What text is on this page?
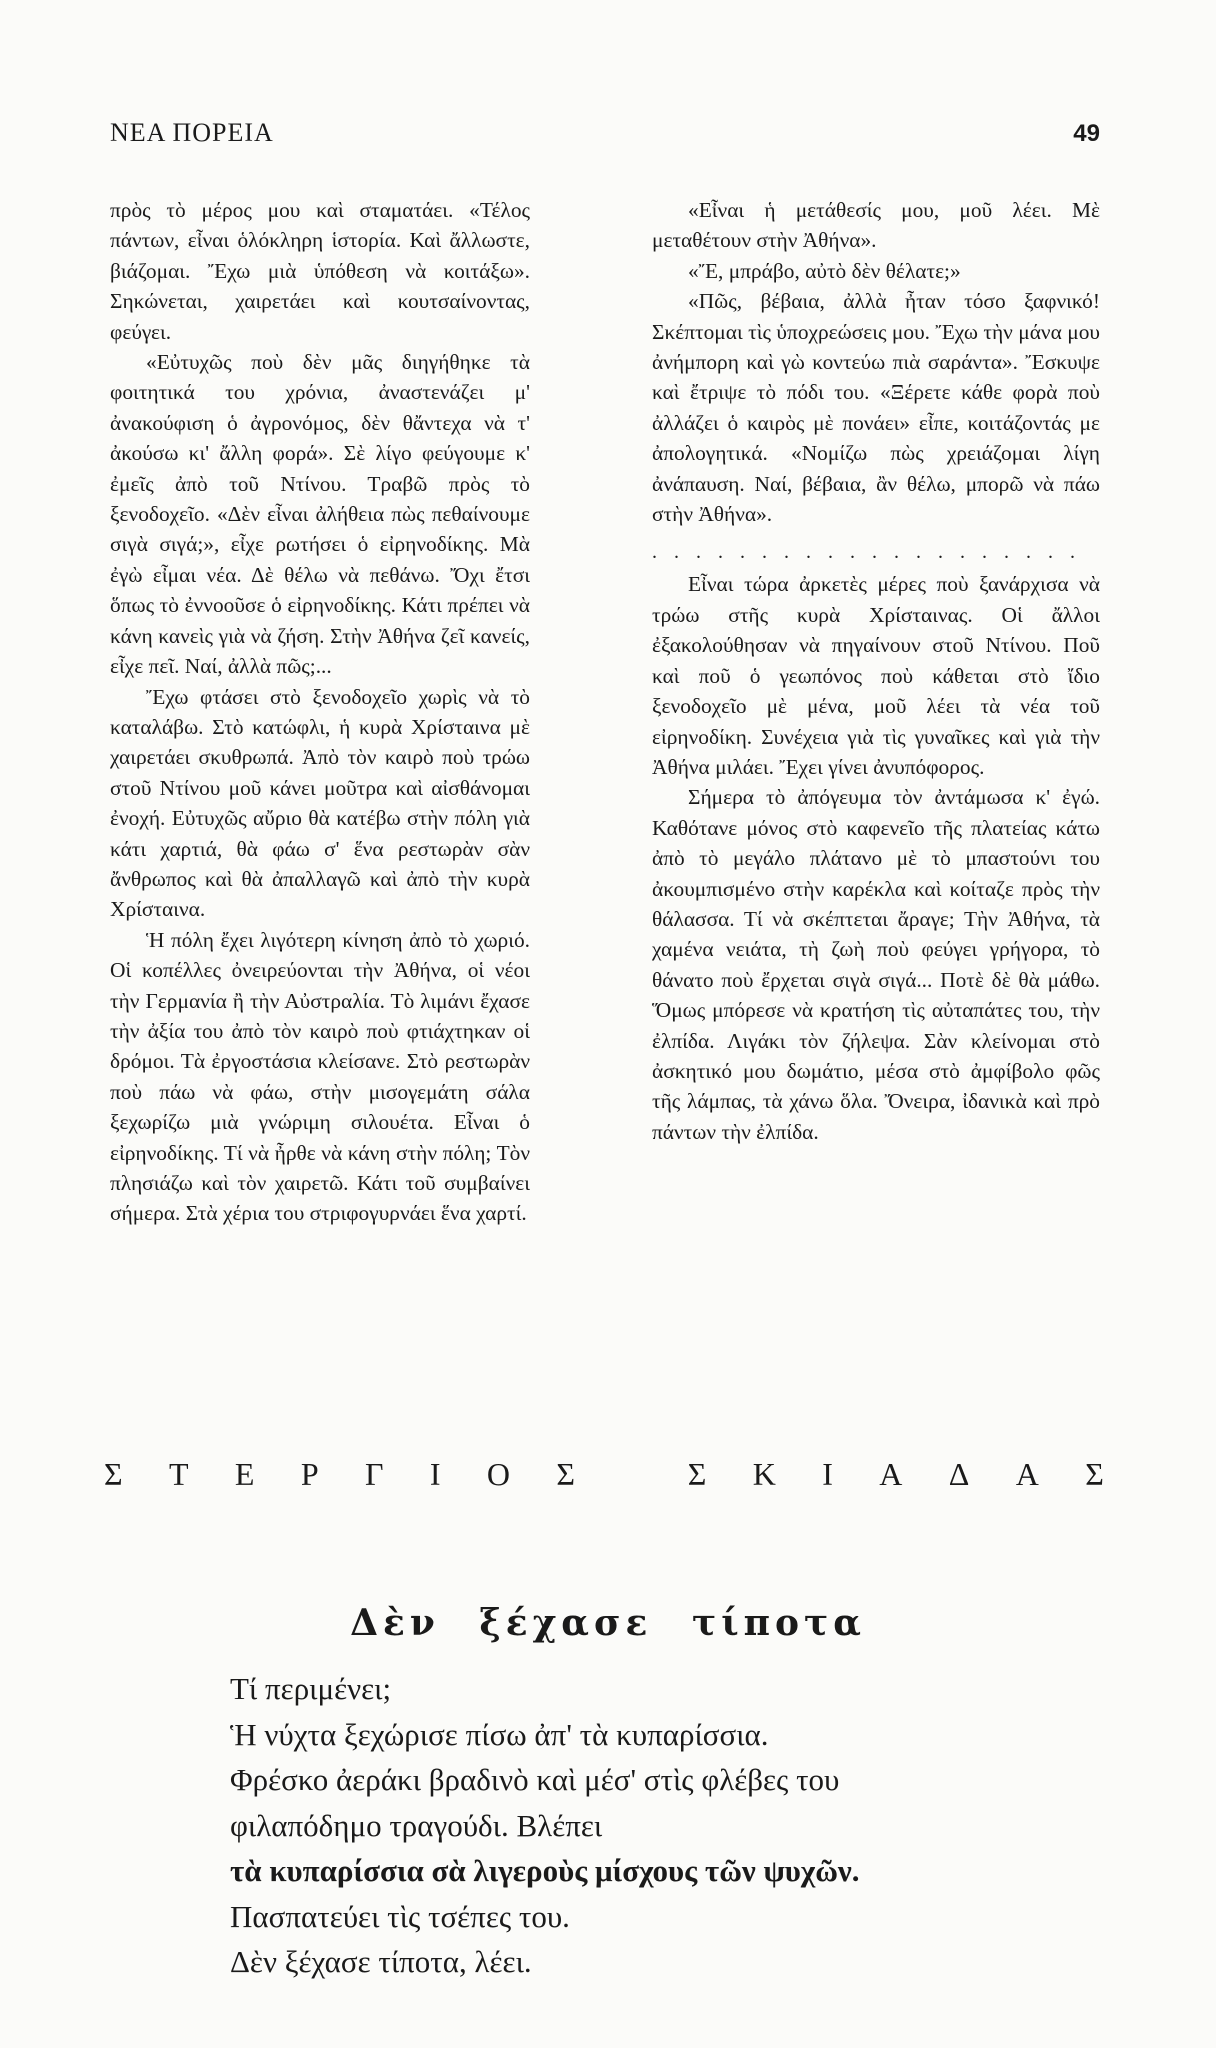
ΝΕΑ ΠΟΡΕΙΑ	49

πρὸς τὸ μέρος μου καὶ σταματάει. «Τέλος πάντων, εἶναι ὁλόκληρη ἱστορία. Καὶ ἄλλωστε, βιάζομαι. Ἔχω μιὰ ὑπόθεση νὰ κοιτάξω». Σηκώνεται, χαιρετάει καὶ κουτσαίνοντας, φεύγει.

«Εὐτυχῶς ποὺ δὲν μᾶς διηγήθηκε τὰ φοιτητικά του χρόνια, ἀναστενάζει μ' ἀνακούφιση ὁ ἀγρονόμος, δὲν θἄντεχα νὰ τ' ἀκούσω κι' ἄλλη φορά». Σὲ λίγο φεύγουμε κ' ἐμεῖς ἀπὸ τοῦ Ντίνου. Τραβῶ πρὸς τὸ ξενοδοχεῖο. «Δὲν εἶναι ἀλήθεια πὼς πεθαίνουμε σιγὰ σιγά;», εἶχε ρωτήσει ὁ εἰρηνοδίκης. Μὰ ἐγὼ εἶμαι νέα. Δὲ θέλω νὰ πεθάνω. Ὄχι ἔτσι ὅπως τὸ ἐννοοῦσε ὁ εἰρηνοδίκης. Κάτι πρέπει νὰ κάνη κανεὶς γιὰ νὰ ζήση. Στὴν Ἀθήνα ζεῖ κανείς, εἶχε πεῖ. Ναί, ἀλλὰ πῶς;...

Ἔχω φτάσει στὸ ξενοδοχεῖο χωρὶς νὰ τὸ καταλάβω. Στὸ κατώφλι, ἡ κυρὰ Χρίσταινα μὲ χαιρετάει σκυθρωπά. Ἀπὸ τὸν καιρὸ ποὺ τρώω στοῦ Ντίνου μοῦ κάνει μοῦτρα καὶ αἰσθάνομαι ἐνοχή. Εὐτυχῶς αὔριο θὰ κατέβω στὴν πόλη γιὰ κάτι χαρτιά, θὰ φάω σ' ἕνα ρεστωρὰν σὰν ἄνθρωπος καὶ θὰ ἀπαλλαγῶ καὶ ἀπὸ τὴν κυρὰ Χρίσταινα.

Ἡ πόλη ἔχει λιγότερη κίνηση ἀπὸ τὸ χωριό. Οἱ κοπέλλες ὀνειρεύονται τὴν Ἀθήνα, οἱ νέοι τὴν Γερμανία ἢ τὴν Αὐστραλία. Τὸ λιμάνι ἔχασε τὴν ἀξία του ἀπὸ τὸν καιρὸ ποὺ φτιάχτηκαν οἱ δρόμοι. Τὰ ἐργοστάσια κλείσανε. Στὸ ρεστωρὰν ποὺ πάω νὰ φάω, στὴν μισογεμάτη σάλα ξεχωρίζω μιὰ γνώριμη σιλουέτα. Εἶναι ὁ εἰρηνοδίκης. Τί νὰ ἦρθε νὰ κάνη στὴν πόλη; Τὸν πλησιάζω καὶ τὸν χαιρετῶ. Κάτι τοῦ συμβαίνει σήμερα. Στὰ χέρια του στριφογυρνάει ἕνα χαρτί.

«Εἶναι ἡ μετάθεσίς μου, μοῦ λέει. Μὲ μεταθέτουν στὴν Ἀθήνα».

«Ἔ, μπράβο, αὐτὸ δὲν θέλατε;»

«Πῶς, βέβαια, ἀλλὰ ἦταν τόσο ξαφνικό! Σκέπτομαι τὶς ὑποχρεώσεις μου. Ἔχω τὴν μάνα μου ἀνήμπορη καὶ γὼ κοντεύω πιὰ σαράντα». Ἔσκυψε καὶ ἔτριψε τὸ πόδι του. «Ξέρετε κάθε φορὰ ποὺ ἀλλάζει ὁ καιρὸς μὲ πονάει» εἶπε, κοιτάζοντάς με ἀπολογητικά. «Νομίζω πὼς χρειάζομαι λίγη ἀνάπαυση. Ναί, βέβαια, ἂν θέλω, μπορῶ νὰ πάω στὴν Ἀθήνα».

. . . . . . . . . . . . . . . . . . . .

Εἶναι τώρα ἀρκετὲς μέρες ποὺ ξανάρχισα νὰ τρώω στῆς κυρὰ Χρίσταινας. Οἱ ἄλλοι ἐξακολούθησαν νὰ πηγαίνουν στοῦ Ντίνου. Ποῦ καὶ ποῦ ὁ γεωπόνος ποὺ κάθεται στὸ ἴδιο ξενοδοχεῖο μὲ μένα, μοῦ λέει τὰ νέα τοῦ εἰρηνοδίκη. Συνέχεια γιὰ τὶς γυναῖκες καὶ γιὰ τὴν Ἀθήνα μιλάει. Ἔχει γίνει ἀνυπόφορος.

Σήμερα τὸ ἀπόγευμα τὸν ἀντάμωσα κ' ἐγώ. Καθότανε μόνος στὸ καφενεῖο τῆς πλατείας κάτω ἀπὸ τὸ μεγάλο πλάτανο μὲ τὸ μπαστούνι του ἀκουμπισμένο στὴν καρέκλα καὶ κοίταζε πρὸς τὴν θάλασσα. Τί νὰ σκέπτεται ἄραγε; Τὴν Ἀθήνα, τὰ χαμένα νειάτα, τὴ ζωὴ ποὺ φεύγει γρήγορα, τὸ θάνατο ποὺ ἔρχεται σιγὰ σιγά... Ποτὲ δὲ θὰ μάθω. Ὅμως μπόρεσε νὰ κρατήση τὶς αὐταπάτες του, τὴν ἐλπίδα. Λιγάκι τὸν ζήλεψα. Σὰν κλείνομαι στὸ ἀσκητικό μου δωμάτιο, μέσα στὸ ἀμφίβολο φῶς τῆς λάμπας, τὰ χάνω ὅλα. Ὄνειρα, ἰδανικὰ καὶ πρὸ πάντων τὴν ἐλπίδα.

Σ Τ Ε Ρ Γ Ι Ο Σ	Σ Κ Ι Α Δ Α Σ
Δὲν ξέχασε τίποτα
Τί περιμένει;
Ἡ νύχτα ξεχώρισε πίσω ἀπ' τὰ κυπαρίσσια.
Φρέσκο ἀεράκι βραδινὸ καὶ μέσ' στὶς φλέβες του
φιλαπόδημο τραγούδι. Βλέπει
τὰ κυπαρίσσια σὰ λιγεροὺς μίσχους τῶν ψυχῶν.
Πασπατεύει τὶς τσέπες του.
Δὲν ξέχασε τίποτα, λέει.
